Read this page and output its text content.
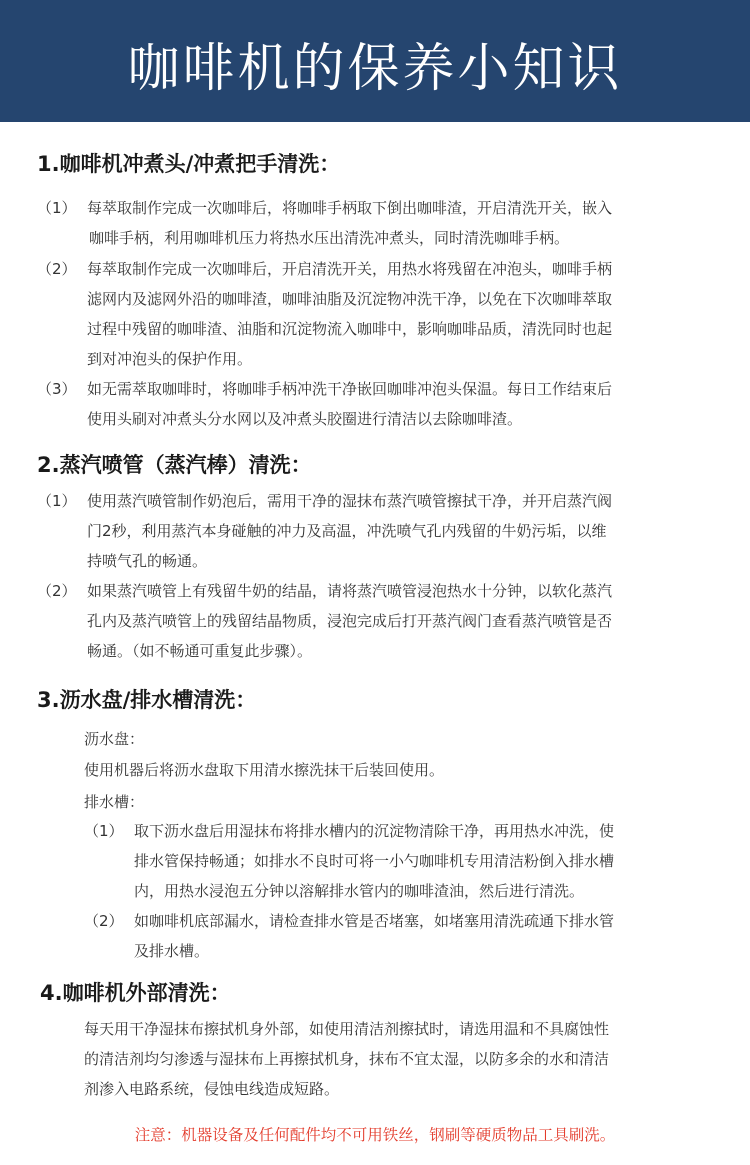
咖啡机的保养小知识
1.咖啡机冲煮头/冲煮把手清洗：
（1） 每萃取制作完成一次咖啡后，将咖啡手柄取下倒出咖啡渣，开启清洗开关，嵌入
咖啡手柄，利用咖啡机压力将热水压出清洗冲煮头，同时清洗咖啡手柄。
（2） 每萃取制作完成一次咖啡后，开启清洗开关，用热水将残留在冲泡头，咖啡手柄
滤网内及滤网外沿的咖啡渣，咖啡油脂及沉淀物冲洗干净，以免在下次咖啡萃取
过程中残留的咖啡渣、油脂和沉淀物流入咖啡中，影响咖啡品质，清洗同时也起
到对冲泡头的保护作用。
（3） 如无需萃取咖啡时，将咖啡手柄冲洗干净嵌回咖啡冲泡头保温。每日工作结束后
使用头刷对冲煮头分水网以及冲煮头胶圈进行清洁以去除咖啡渣。
2.蒸汽喷管（蒸汽棒）清洗：
（1） 使用蒸汽喷管制作奶泡后，需用干净的湿抹布蒸汽喷管擦拭干净，并开启蒸汽阀
门2秒，利用蒸汽本身碰触的冲力及高温，冲洗喷气孔内残留的牛奶污垢，以维
持喷气孔的畅通。
（2） 如果蒸汽喷管上有残留牛奶的结晶，请将蒸汽喷管浸泡热水十分钟，以软化蒸汽
孔内及蒸汽喷管上的残留结晶物质，浸泡完成后打开蒸汽阀门查看蒸汽喷管是否
畅通。（如不畅通可重复此步骤）。
3.沥水盘/排水槽清洗：
沥水盘：
使用机器后将沥水盘取下用清水擦洗抹干后装回使用。
排水槽：
（1） 取下沥水盘后用湿抹布将排水槽内的沉淀物清除干净，再用热水冲洗，使
排水管保持畅通；如排水不良时可将一小勺咖啡机专用清洁粉倒入排水槽
内，用热水浸泡五分钟以溶解排水管内的咖啡渣油，然后进行清洗。
（2） 如咖啡机底部漏水，请检查排水管是否堵塞，如堵塞用清洗疏通下排水管
及排水槽。
4.咖啡机外部清洗：
每天用干净湿抹布擦拭机身外部，如使用清洁剂擦拭时，请选用温和不具腐蚀性
的清洁剂均匀渗透与湿抹布上再擦拭机身，抹布不宜太湿，以防多余的水和清洁
剂渗入电路系统，侵蚀电线造成短路。
注意：机器设备及任何配件均不可用铁丝，钢刷等硬质物品工具刷洗。
